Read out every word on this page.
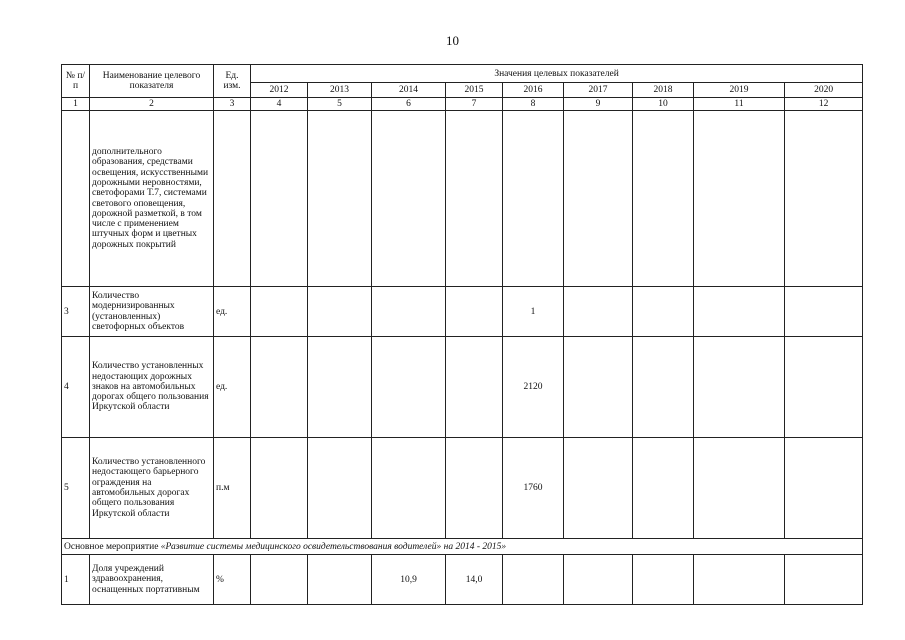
10
№ п/п	Наименование целевого показателя	Ед. изм.	Значения целевых показателей								
			2012	2013	2014	2015	2016	2017	2018	2019	2020
1	2	3	4	5	6	7	8	9	10	11	12
	дополнительного образования, средствами освещения, искусственными дорожными неровностями, светофорами Т.7, системами светового оповещения, дорожной разметкой, в том числе с применением штучных форм и цветных дорожных покрытий										
3	Количество модернизированных (установленных) светофорных объектов	ед.					1				
4	Количество установленных недостающих дорожных знаков на автомобильных дорогах общего пользования Иркутской области	ед.					2120				
5	Количество установленного недостающего барьерного ограждения на автомобильных дорогах общего пользования Иркутской области	п.м					1760				
Основное мероприятие «Развитие системы медицинского освидетельствования водителей» на 2014 - 2015»											
1	Доля учреждений здравоохранения, оснащенных портативным	%			10,9	14,0					
